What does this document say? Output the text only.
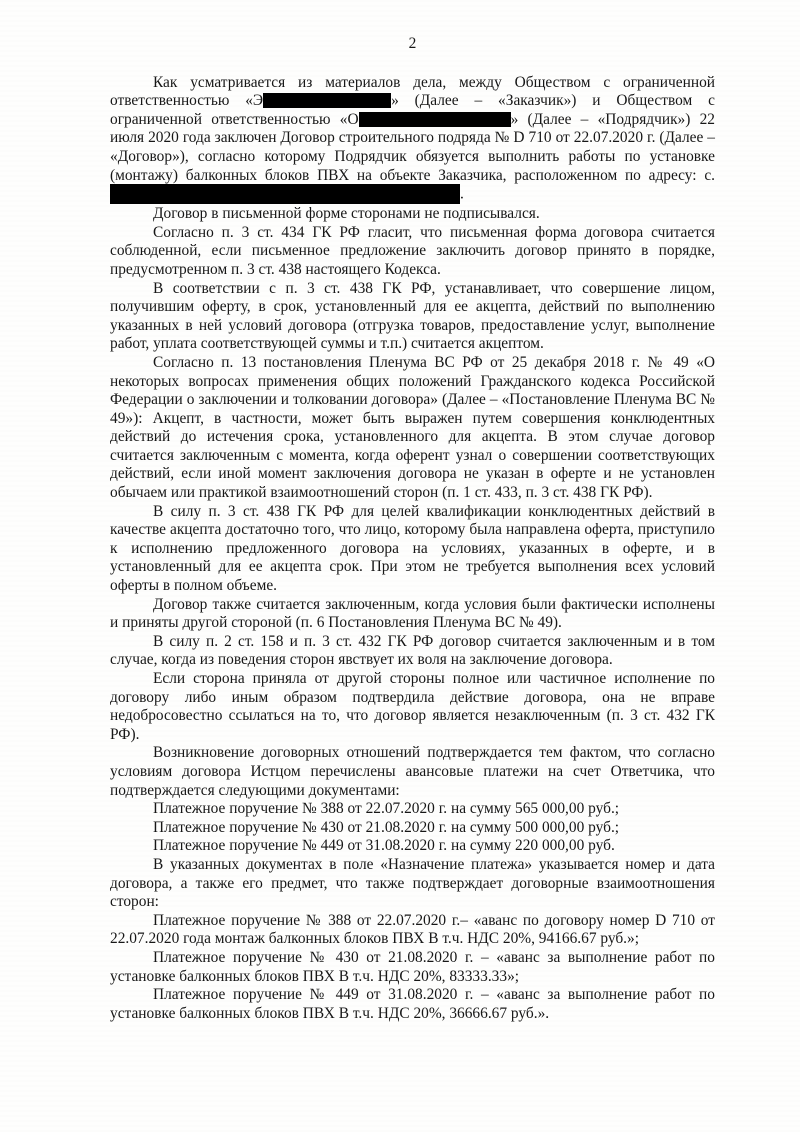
2

Как усматривается из материалов дела, между Обществом с ограниченной ответственностью «Э	» (Далее – «Заказчик») и Обществом с ограниченной ответственностью «О	» (Далее – «Подрядчик») 22 июля 2020 года заключен Договор строительного подряда № D 710 от 22.07.2020 г. (Далее – «Договор»), согласно которому Подрядчик обязуется выполнить работы по установке (монтажу) балконных блоков ПВХ на объекте Заказчика, расположенном по адресу: с. .

Договор в письменной форме сторонами не подписывался.

Согласно п. 3 ст. 434 ГК РФ гласит, что письменная форма договора считается соблюденной, если письменное предложение заключить договор принято в порядке, предусмотренном п. 3 ст. 438 настоящего Кодекса.

В соответствии с п. 3 ст. 438 ГК РФ, устанавливает, что совершение лицом, получившим оферту, в срок, установленный для ее акцепта, действий по выполнению указанных в ней условий договора (отгрузка товаров, предоставление услуг, выполнение работ, уплата соответствующей суммы и т.п.) считается акцептом.

Согласно п. 13 постановления Пленума ВС РФ от 25 декабря 2018 г. № 49 «О некоторых вопросах применения общих положений Гражданского кодекса Российской Федерации о заключении и толковании договора» (Далее – «Постановление Пленума ВС № 49»): Акцепт, в частности, может быть выражен путем совершения конклюдентных действий до истечения срока, установленного для акцепта. В этом случае договор считается заключенным с момента, когда оферент узнал о совершении соответствующих действий, если иной момент заключения договора не указан в оферте и не установлен обычаем или практикой взаимоотношений сторон (п. 1 ст. 433, п. 3 ст. 438 ГК РФ).

В силу п. 3 ст. 438 ГК РФ для целей квалификации конклюдентных действий в качестве акцепта достаточно того, что лицо, которому была направлена оферта, приступило к исполнению предложенного договора на условиях, указанных в оферте, и в установленный для ее акцепта срок. При этом не требуется выполнения всех условий оферты в полном объеме.

Договор также считается заключенным, когда условия были фактически исполнены и приняты другой стороной (п. 6 Постановления Пленума ВС № 49).

В силу п. 2 ст. 158 и п. 3 ст. 432 ГК РФ договор считается заключенным и в том случае, когда из поведения сторон явствует их воля на заключение договора.

Если сторона приняла от другой стороны полное или частичное исполнение по договору либо иным образом подтвердила действие договора, она не вправе недобросовестно ссылаться на то, что договор является незаключенным (п. 3 ст. 432 ГК РФ).

Возникновение договорных отношений подтверждается тем фактом, что согласно условиям договора Истцом перечислены авансовые платежи на счет Ответчика, что подтверждается следующими документами:

Платежное поручение № 388 от 22.07.2020 г. на сумму 565 000,00 руб.;

Платежное поручение № 430 от 21.08.2020 г. на сумму 500 000,00 руб.;

Платежное поручение № 449 от 31.08.2020 г. на сумму 220 000,00 руб.

В указанных документах в поле «Назначение платежа» указывается номер и дата договора, а также его предмет, что также подтверждает договорные взаимоотношения сторон:

Платежное поручение № 388 от 22.07.2020 г.– «аванс по договору номер D 710 от 22.07.2020 года монтаж балконных блоков ПВХ В т.ч. НДС 20%, 94166.67 руб.»;

Платежное поручение № 430 от 21.08.2020 г. – «аванс за выполнение работ по установке балконных блоков ПВХ В т.ч. НДС 20%, 83333.33»;

Платежное поручение № 449 от 31.08.2020 г. – «аванс за выполнение работ по установке балконных блоков ПВХ В т.ч. НДС 20%, 36666.67 руб.».
